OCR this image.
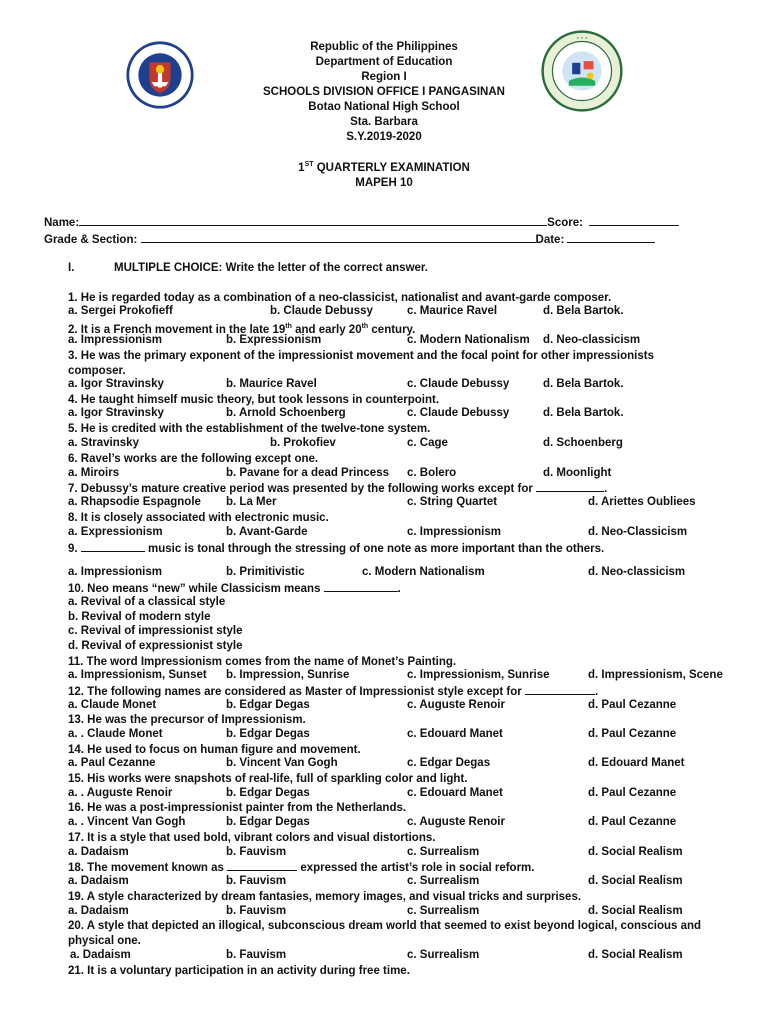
· · ·
Republic of the Philippines
Department of Education
Region I
SCHOOLS DIVISION OFFICE I PANGASINAN
Botao National High School
Sta. Barbara
S.Y.2019-2020
1ST QUARTERLY EXAMINATION
MAPEH 10
Name:	Score:
Grade & Section:	Date:
I.	MULTIPLE CHOICE: Write the letter of the correct answer.
1. He is regarded today as a combination of a neo-classicist, nationalist and avant-garde composer.
a. Sergei Prokofieff	b. Claude Debussy	c. Maurice Ravel	d. Bela Bartok.
2. It is a French movement in the late 19th and early 20th century.
a. Impressionism	b. Expressionism	c. Modern Nationalism d. Neo-classicism
3. He was the primary exponent of the impressionist movement and the focal point for other impressionists composer.
a. Igor Stravinsky	b. Maurice Ravel	c. Claude Debussy	d. Bela Bartok.
4. He taught himself music theory, but took lessons in counterpoint.
a. Igor Stravinsky	b. Arnold Schoenberg	c. Claude Debussy	d. Bela Bartok.
5. He is credited with the establishment of the twelve-tone system.
a. Stravinsky	b. Prokofiev	c. Cage	d. Schoenberg
6. Ravel’s works are the following except one.
a. Miroirs	b. Pavane for a dead Princess c. Bolero	d. Moonlight
7. Debussy’s mature creative period was presented by the following works except for	.
a. Rhapsodie Espagnole b. La Mer	c. String Quartet	d. Ariettes Oubliees
8. It is closely associated with electronic music.
a. Expressionism	b. Avant-Garde	c. Impressionism	d. Neo-Classicism
9.	music is tonal through the stressing of one note as more important than the others.
a. Impressionism	b. Primitivistic	c. Modern Nationalism	d. Neo-classicism
10. Neo means “new” while Classicism means	.
a. Revival of a classical style
b. Revival of modern style
c. Revival of impressionist style
d. Revival of expressionist style
11. The word Impressionism comes from the name of Monet’s Painting.
a. Impressionism, Sunset b. Impression, Sunrise	c. Impressionism, Sunrise	d. Impressionism, Scene
12. The following names are considered as Master of Impressionist style except for	.
a. Claude Monet	b. Edgar Degas	c. Auguste Renoir	d. Paul Cezanne
13. He was the precursor of Impressionism.
a. . Claude Monet	b. Edgar Degas	c. Edouard Manet	d. Paul Cezanne
14. He used to focus on human figure and movement.
a. Paul Cezanne	b. Vincent Van Gogh	c. Edgar Degas	d. Edouard Manet
15. His works were snapshots of real-life, full of sparkling color and light.
a. . Auguste Renoir	b. Edgar Degas	c. Edouard Manet	d. Paul Cezanne
16. He was a post-impressionist painter from the Netherlands.
a. . Vincent Van Gogh	b. Edgar Degas	c. Auguste Renoir	d. Paul Cezanne
17. It is a style that used bold, vibrant colors and visual distortions.
a. Dadaism	b. Fauvism	c. Surrealism	d. Social Realism
18. The movement known as	expressed the artist’s role in social reform.
a. Dadaism	b. Fauvism	c. Surrealism	d. Social Realism
19. A style characterized by dream fantasies, memory images, and visual tricks and surprises.
a. Dadaism	b. Fauvism	c. Surrealism	d. Social Realism
20. A style that depicted an illogical, subconscious dream world that seemed to exist beyond logical, conscious and physical one.
a. Dadaism	b. Fauvism	c. Surrealism	d. Social Realism
21. It is a voluntary participation in an activity during free time.
